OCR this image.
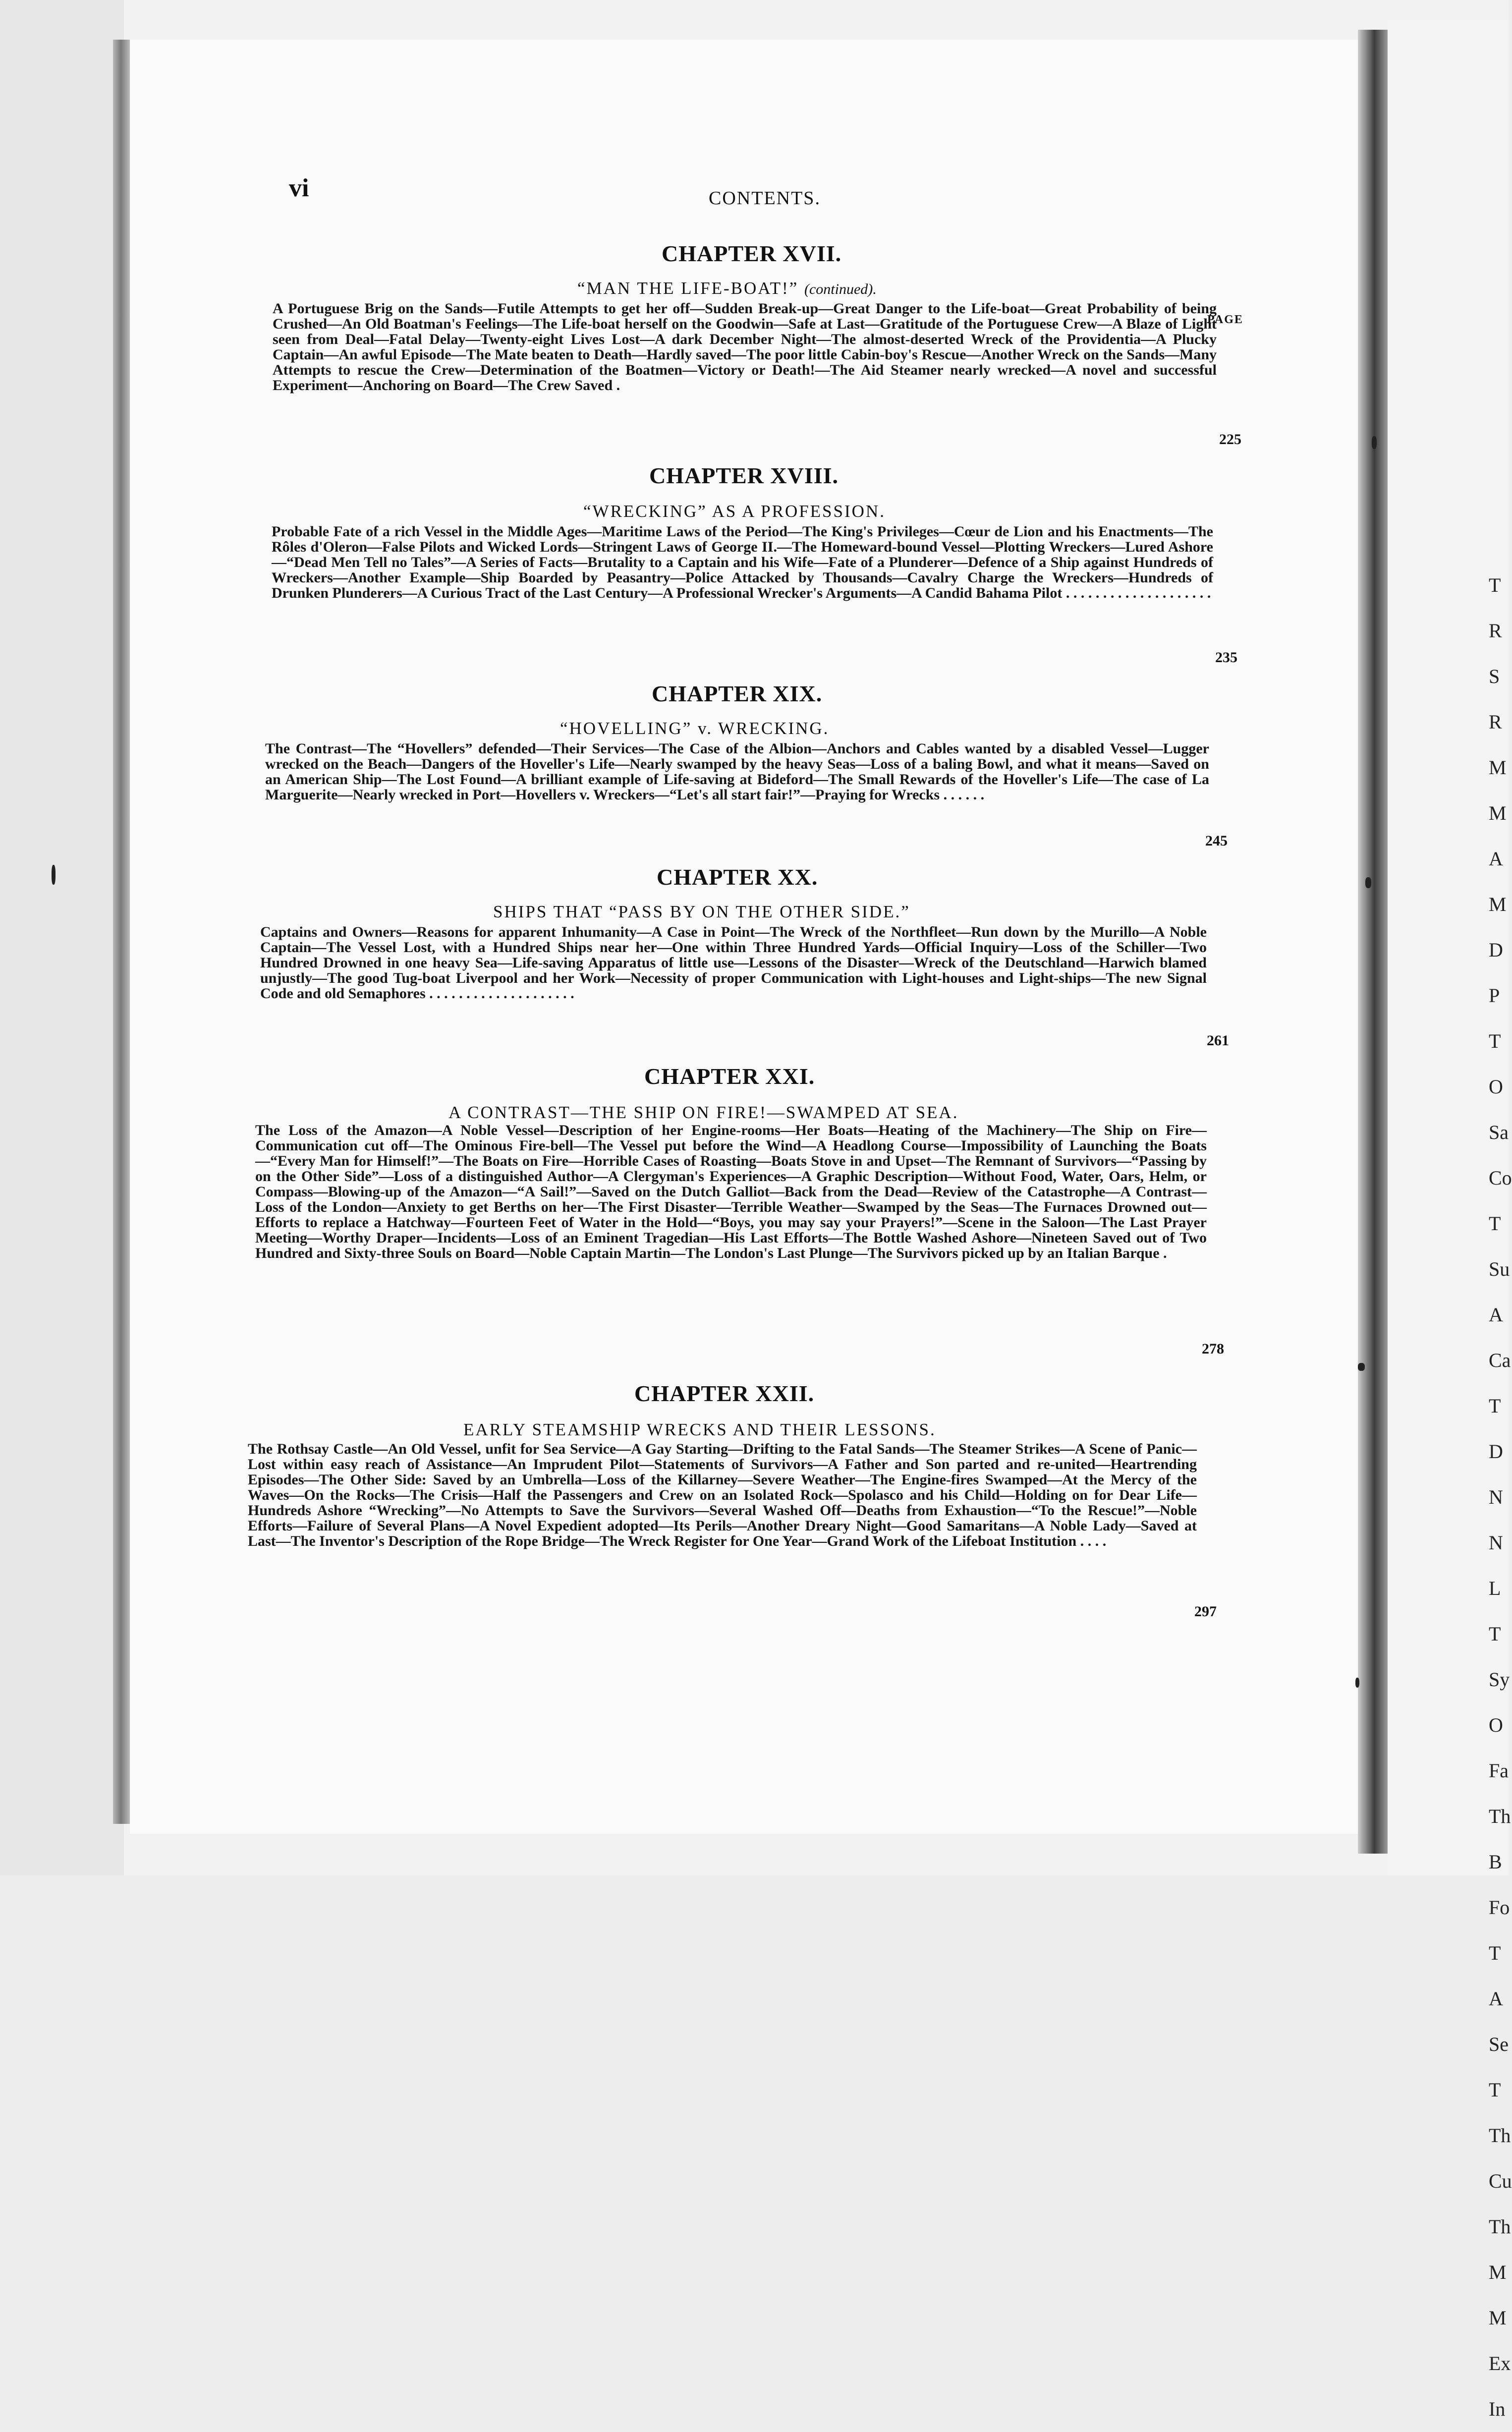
T
R
S
R
M
M
A
M
D
P
T
O
Sa
Co
T
Su
A
Ca
T
D
N
N
L
T
Sy
O
Fa
Th
B
Fo
T
A
Se
T
Th
Cu
Th
M
M
Ex
In
vi	CONTENTS.
PAGE
CHAPTER XVII.
“MAN THE LIFE-BOAT!” (continued).
A Portuguese Brig on the Sands—Futile Attempts to get her off—Sudden Break-up—Great Danger to the Life-boat—Great Probability of being Crushed—An Old Boatman's Feelings—The Life-boat herself on the Goodwin—Safe at Last—Gratitude of the Portuguese Crew—A Blaze of Light seen from Deal—Fatal Delay—Twenty-eight Lives Lost—A dark December Night—The almost-deserted Wreck of the Providentia—A Plucky Captain—An awful Episode—The Mate beaten to Death—Hardly saved—The poor little Cabin-boy's Rescue—Another Wreck on the Sands—Many Attempts to rescue the Crew—Determination of the Boatmen—Victory or Death!—The Aid Steamer nearly wrecked—A novel and successful Experiment—Anchoring on Board—The Crew Saved .
225
CHAPTER XVIII.
“WRECKING” AS A PROFESSION.
Probable Fate of a rich Vessel in the Middle Ages—Maritime Laws of the Period—The King's Privileges—Cœur de Lion and his Enactments—The Rôles d'Oleron—False Pilots and Wicked Lords—Stringent Laws of George II.—The Homeward-bound Vessel—Plotting Wreckers—Lured Ashore—“Dead Men Tell no Tales”—A Series of Facts—Brutality to a Captain and his Wife—Fate of a Plunderer—Defence of a Ship against Hundreds of Wreckers—Another Example—Ship Boarded by Peasantry—Police Attacked by Thousands—Cavalry Charge the Wreckers—Hundreds of Drunken Plunderers—A Curious Tract of the Last Century—A Professional Wrecker's Arguments—A Candid Bahama Pilot . . . . . . . . . . . . . . . . . . . .
235
CHAPTER XIX.
“HOVELLING” v. WRECKING.
The Contrast—The “Hovellers” defended—Their Services—The Case of the Albion—Anchors and Cables wanted by a disabled Vessel—Lugger wrecked on the Beach—Dangers of the Hoveller's Life—Nearly swamped by the heavy Seas—Loss of a baling Bowl, and what it means—Saved on an American Ship—The Lost Found—A brilliant example of Life-saving at Bideford—The Small Rewards of the Hoveller's Life—The case of La Marguerite—Nearly wrecked in Port—Hovellers v. Wreckers—“Let's all start fair!”—Praying for Wrecks . . . . . .
245
CHAPTER XX.
SHIPS THAT “PASS BY ON THE OTHER SIDE.”
Captains and Owners—Reasons for apparent Inhumanity—A Case in Point—The Wreck of the Northfleet—Run down by the Murillo—A Noble Captain—The Vessel Lost, with a Hundred Ships near her—One within Three Hundred Yards—Official Inquiry—Loss of the Schiller—Two Hundred Drowned in one heavy Sea—Life-saving Apparatus of little use—Lessons of the Disaster—Wreck of the Deutschland—Harwich blamed unjustly—The good Tug-boat Liverpool and her Work—Necessity of proper Communication with Light-houses and Light-ships—The new Signal Code and old Semaphores . . . . . . . . . . . . . . . . . . . .
261
CHAPTER XXI.
A CONTRAST—THE SHIP ON FIRE!—SWAMPED AT SEA.
The Loss of the Amazon—A Noble Vessel—Description of her Engine-rooms—Her Boats—Heating of the Machinery—The Ship on Fire—Communication cut off—The Ominous Fire-bell—The Vessel put before the Wind—A Headlong Course—Impossibility of Launching the Boats—“Every Man for Himself!”—The Boats on Fire—Horrible Cases of Roasting—Boats Stove in and Upset—The Remnant of Survivors—“Passing by on the Other Side”—Loss of a distinguished Author—A Clergyman's Experiences—A Graphic Description—Without Food, Water, Oars, Helm, or Compass—Blowing-up of the Amazon—“A Sail!”—Saved on the Dutch Galliot—Back from the Dead—Review of the Catastrophe—A Contrast—Loss of the London—Anxiety to get Berths on her—The First Disaster—Terrible Weather—Swamped by the Seas—The Furnaces Drowned out—Efforts to replace a Hatchway—Fourteen Feet of Water in the Hold—“Boys, you may say your Prayers!”—Scene in the Saloon—The Last Prayer Meeting—Worthy Draper—Incidents—Loss of an Eminent Tragedian—His Last Efforts—The Bottle Washed Ashore—Nineteen Saved out of Two Hundred and Sixty-three Souls on Board—Noble Captain Martin—The London's Last Plunge—The Survivors picked up by an Italian Barque .
278
CHAPTER XXII.
EARLY STEAMSHIP WRECKS AND THEIR LESSONS.
The Rothsay Castle—An Old Vessel, unfit for Sea Service—A Gay Starting—Drifting to the Fatal Sands—The Steamer Strikes—A Scene of Panic—Lost within easy reach of Assistance—An Imprudent Pilot—Statements of Survivors—A Father and Son parted and re-united—Heartrending Episodes—The Other Side: Saved by an Umbrella—Loss of the Killarney—Severe Weather—The Engine-fires Swamped—At the Mercy of the Waves—On the Rocks—The Crisis—Half the Passengers and Crew on an Isolated Rock—Spolasco and his Child—Holding on for Dear Life—Hundreds Ashore “Wrecking”—No Attempts to Save the Survivors—Several Washed Off—Deaths from Exhaustion—“To the Rescue!”—Noble Efforts—Failure of Several Plans—A Novel Expedient adopted—Its Perils—Another Dreary Night—Good Samaritans—A Noble Lady—Saved at Last—The Inventor's Description of the Rope Bridge—The Wreck Register for One Year—Grand Work of the Lifeboat Institution . . . .
297
